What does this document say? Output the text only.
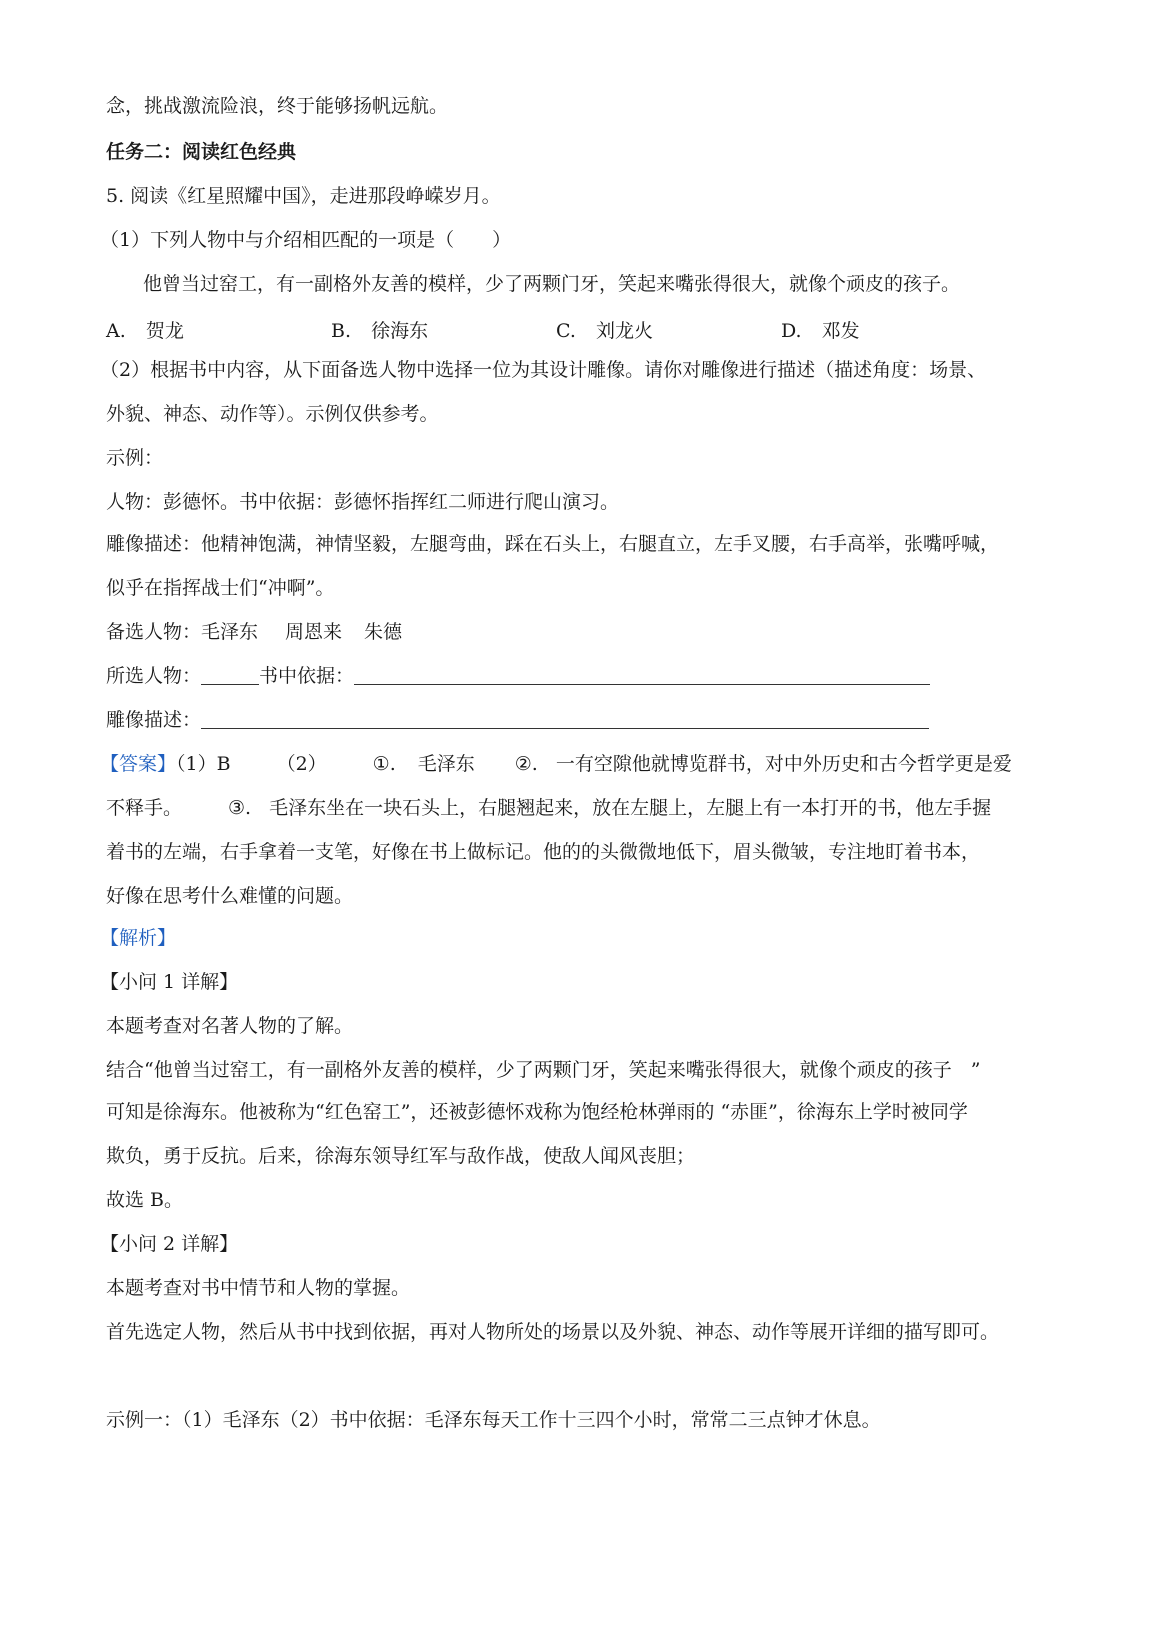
念，挑战激流险浪，终于能够扬帆远航。
任务二：阅读红色经典
5. 阅读《红星照耀中国》，走进那段峥嵘岁月。
（1）下列人物中与介绍相匹配的一项是（　　）
他曾当过窑工，有一副格外友善的模样，少了两颗门牙，笑起来嘴张得很大，就像个顽皮的孩子。
A. 贺龙	B. 徐海东	C. 刘龙火	D. 邓发
（2）根据书中内容，从下面备选人物中选择一位为其设计雕像。请你对雕像进行描述（描述角度：场景、
外貌、神态、动作等）。示例仅供参考。
示例：
人物：彭德怀。书中依据：彭德怀指挥红二师进行爬山演习。
雕像描述：他精神饱满，神情坚毅，左腿弯曲，踩在石头上，右腿直立，左手叉腰，右手高举，张嘴呼喊，
似乎在指挥战士们“冲啊”。
备选人物：毛泽东 周恩来 朱德
所选人物：	书中依据：
雕像描述：
【答案】（1）B （2） ①. 毛泽东 ②. 一有空隙他就博览群书，对中外历史和古今哲学更是爱
不释手。 ③. 毛泽东坐在一块石头上，右腿翘起来，放在左腿上，左腿上有一本打开的书，他左手握
着书的左端，右手拿着一支笔，好像在书上做标记。他的的头微微地低下，眉头微皱，专注地盯着书本，
好像在思考什么难懂的问题。
【解析】
【小问 1 详解】
本题考查对名著人物的了解。
结合“他曾当过窑工，有一副格外友善的模样，少了两颗门牙，笑起来嘴张得很大，就像个顽皮的孩子　”
可知是徐海东。他被称为“红色窑工”，还被彭德怀戏称为饱经枪林弹雨的 “赤匪”，徐海东上学时被同学
欺负，勇于反抗。后来，徐海东领导红军与敌作战，使敌人闻风丧胆；
故选 B。
【小问 2 详解】
本题考查对书中情节和人物的掌握。
首先选定人物，然后从书中找到依据，再对人物所处的场景以及外貌、神态、动作等展开详细的描写即可。
示例一：（1）毛泽东（2）书中依据：毛泽东每天工作十三四个小时，常常二三点钟才休息。
